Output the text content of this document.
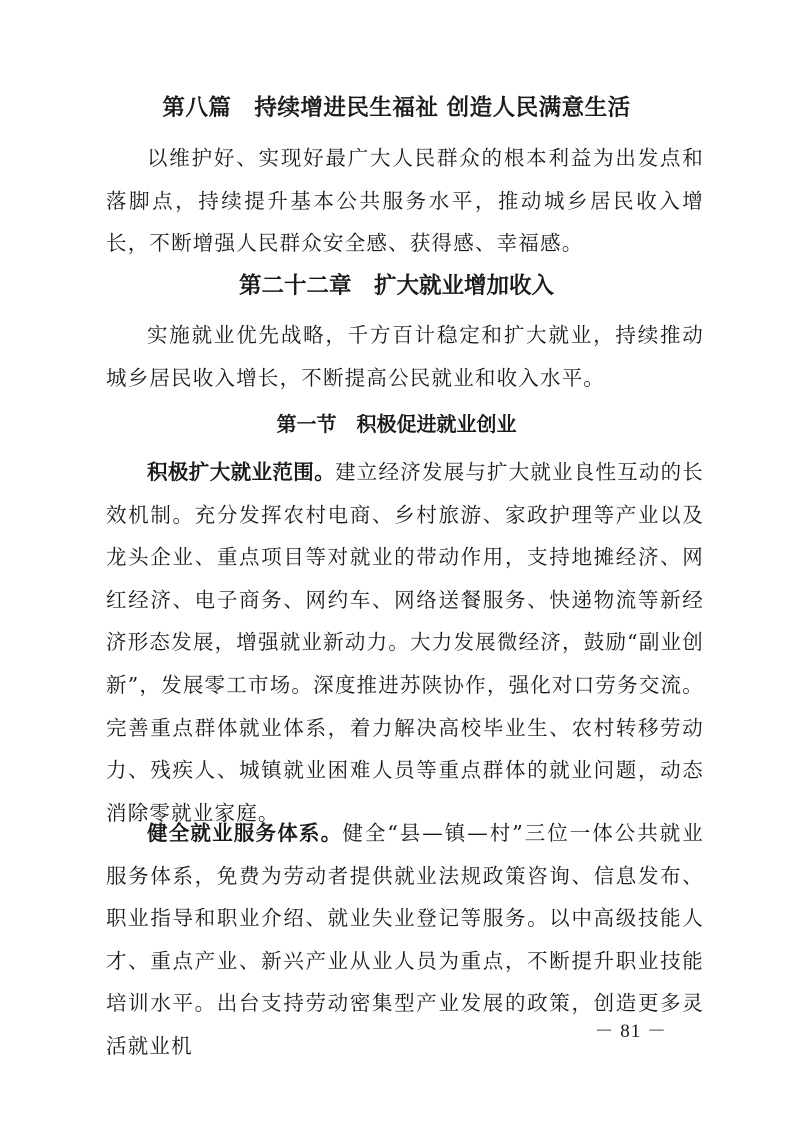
第八篇　持续增进民生福祉 创造人民满意生活

以维护好、实现好最广大人民群众的根本利益为出发点和落脚点，持续提升基本公共服务水平，推动城乡居民收入增长，不断增强人民群众安全感、获得感、幸福感。

第二十二章　扩大就业增加收入

实施就业优先战略，千方百计稳定和扩大就业，持续推动城乡居民收入增长，不断提高公民就业和收入水平。

第一节　积极促进就业创业

积极扩大就业范围。建立经济发展与扩大就业良性互动的长效机制。充分发挥农村电商、乡村旅游、家政护理等产业以及龙头企业、重点项目等对就业的带动作用，支持地摊经济、网红经济、电子商务、网约车、网络送餐服务、快递物流等新经济形态发展，增强就业新动力。大力发展微经济，鼓励“副业创新”，发展零工市场。深度推进苏陕协作，强化对口劳务交流。完善重点群体就业体系，着力解决高校毕业生、农村转移劳动力、残疾人、城镇就业困难人员等重点群体的就业问题，动态消除零就业家庭。

健全就业服务体系。健全“县—镇—村”三位一体公共就业服务体系，免费为劳动者提供就业法规政策咨询、信息发布、职业指导和职业介绍、就业失业登记等服务。以中高级技能人才、重点产业、新兴产业从业人员为重点，不断提升职业技能培训水平。出台支持劳动密集型产业发展的政策，创造更多灵活就业机

－ 81 －
